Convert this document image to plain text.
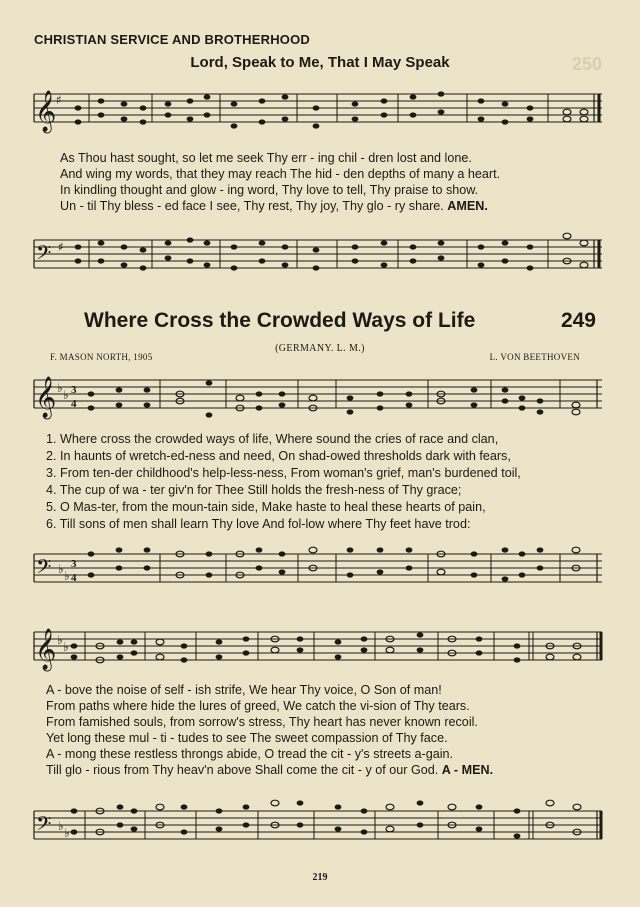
CHRISTIAN SERVICE AND BROTHERHOOD
250
Lord, Speak to Me, That I May Speak
𝄞 ♯
As Thou hast sought, so let me seek Thy err - ing chil - dren lost and lone.
And wing my words, that they may reach The hid - den depths of many a heart.
In kindling thought and glow - ing word, Thy love to tell, Thy praise to show.
Un - til Thy bless - ed face I see, Thy rest, Thy joy, Thy glo - ry share. AMEN.
𝄢 ♯
Where Cross the Crowded Ways of Life	249
(GERMANY. L. M.)
F. MASON NORTH, 1905	L. VON BEETHOVEN
𝄞 ♭ ♭ 3
4
1. Where cross the crowded ways of life, Where sound the cries of race and clan,
2. In haunts of wretch-ed-ness and need, On shad-owed thresholds dark with fears,
3. From ten-der childhood's help-less-ness, From woman's grief, man's burdened toil,
4. The cup of wa - ter giv'n for Thee Still holds the fresh-ness of Thy grace;
5. O Mas-ter, from the moun-tain side, Make haste to heal these hearts of pain,
6. Till sons of men shall learn Thy love And fol-low where Thy feet have trod:
𝄢 ♭ ♭
3
4
𝄞 ♭ ♭
A - bove the noise of self - ish strife, We hear Thy voice, O Son of man!
From paths where hide the lures of greed, We catch the vi-sion of Thy tears.
From famished souls, from sorrow's stress, Thy heart has never known recoil.
Yet long these mul - ti - tudes to see The sweet compassion of Thy face.
A - mong these restless throngs abide, O tread the cit - y's streets a-gain.
Till glo - rious from Thy heav'n above Shall come the cit - y of our God. A - MEN.
𝄢 ♭ ♭
219
